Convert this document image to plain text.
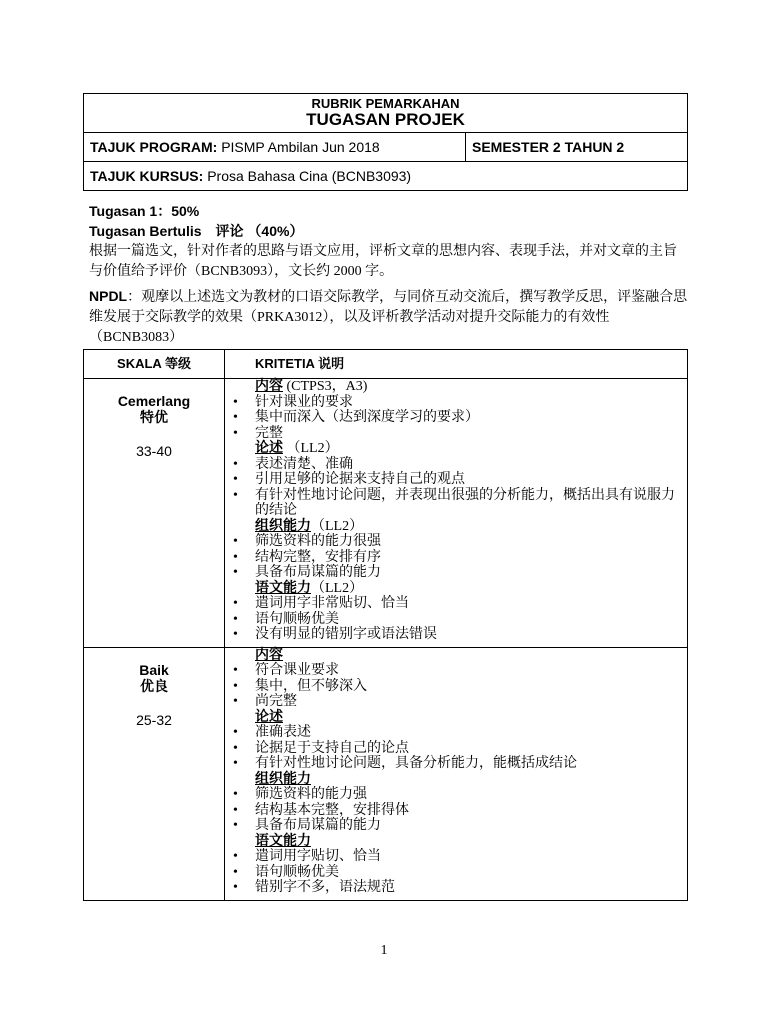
RUBRIK PEMARKAHAN
TUGASAN PROJEK
TAJUK PROGRAM:
PISMP Ambilan Jun 2018	SEMESTER 2 TAHUN 2
TAJUK KURSUS: Prosa Bahasa Cina (BCNB3093)
Tugasan 1：50%
Tugasan Bertulis　评论 （40%）

根据一篇选文，针对作者的思路与语文应用，评析文章的思想内容、表现手法，并对文章的主旨与价值给予评价（BCNB3093），文长约 2000 字。

NPDL：观摩以上述选文为教材的口语交际教学，与同侪互动交流后，撰写教学反思，评鉴融合思维发展于交际教学的效果（PRKA3012），以及评析教学活动对提升交际能力的有效性（BCNB3083）

SKALA 等级	KRITETIA 说明
Cemerlang
特优
33-40
内容 (CTPS3，A3)
• 针对课业的要求
• 集中而深入（达到深度学习的要求）
• 完整
论述 （LL2）
• 表述清楚、准确
• 引用足够的论据来支持自己的观点
• 有针对性地讨论问题，并表现出很强的分析能力，概括出具有说服力的结论
组织能力（LL2）
• 筛选资料的能力很强
• 结构完整，安排有序
• 具备布局谋篇的能力
语文能力（LL2）
• 遣词用字非常贴切、恰当
• 语句顺畅优美
• 没有明显的错别字或语法错误
Baik
优良
25-32
内容
• 符合课业要求
• 集中，但不够深入
• 尚完整
论述
• 准确表述
• 论据足于支持自己的论点
• 有针对性地讨论问题，具备分析能力，能概括成结论
组织能力
• 筛选资料的能力强
• 结构基本完整，安排得体
• 具备布局谋篇的能力
语文能力
• 遣词用字贴切、恰当
• 语句顺畅优美
• 错别字不多，语法规范
1
